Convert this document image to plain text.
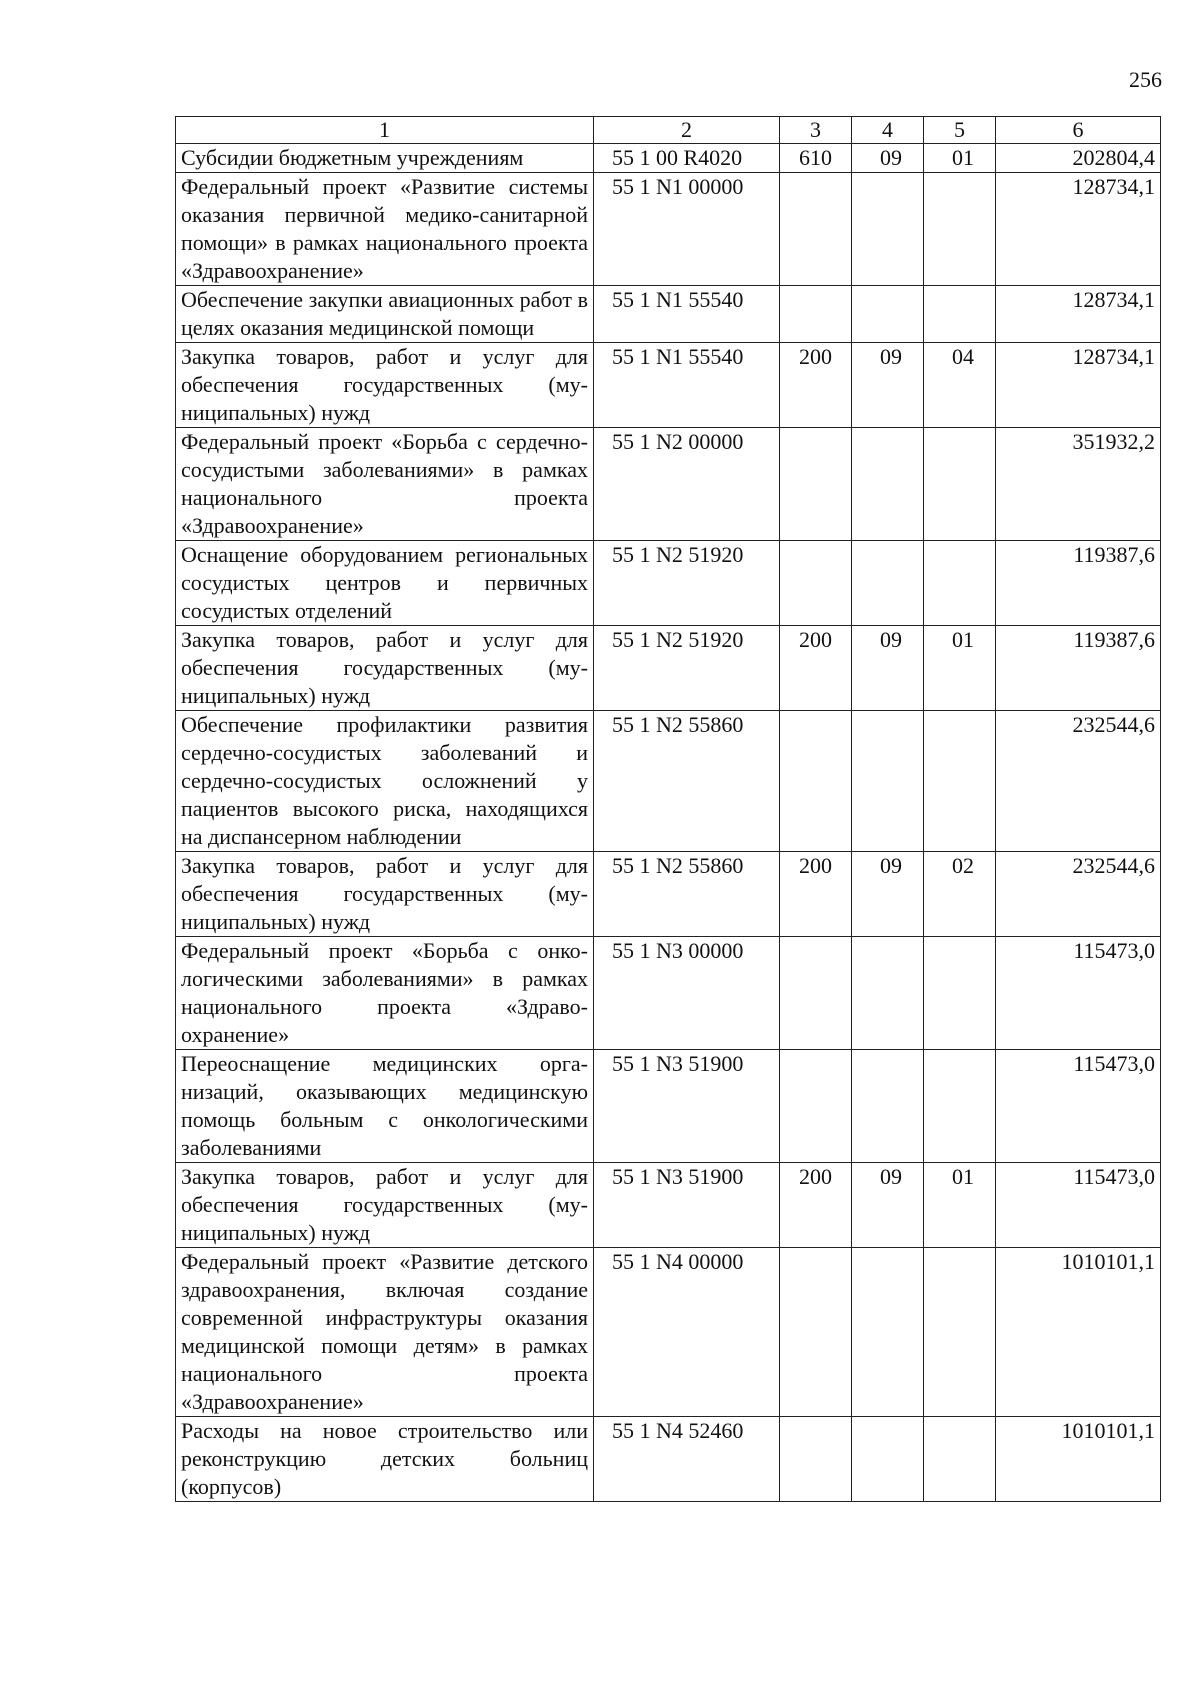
256
1	2	3	4	5	6
Субсидии бюджетным учреждениям	55 1 00 R4020	610	09	01	202804,4
Федеральный проект «Развитие системы оказания первичной медико-санитарной помощи» в рамках национального проекта «Здравоохранение»	55 1 N1 00000				128734,1
Обеспечение закупки авиационных работ в целях оказания медицинской помощи	55 1 N1 55540				128734,1
Закупка товаров, работ и услуг для обеспечения государственных (муниципальных) нужд	55 1 N1 55540	200	09	04	128734,1
Федеральный проект «Борьба с сердечно-сосудистыми заболеваниями» в рамках национального проекта «Здравоохранение»	55 1 N2 00000				351932,2
Оснащение оборудованием региональных сосудистых центров и первичных сосудистых отделений	55 1 N2 51920				119387,6
Закупка товаров, работ и услуг для обеспечения государственных (муниципальных) нужд	55 1 N2 51920	200	09	01	119387,6
Обеспечение профилактики развития сердечно-сосудистых заболеваний и сердечно-сосудистых осложнений у пациентов высокого риска, находящихся на диспансерном наблюдении	55 1 N2 55860				232544,6
Закупка товаров, работ и услуг для обеспечения государственных (муниципальных) нужд	55 1 N2 55860	200	09	02	232544,6
Федеральный проект «Борьба с онкологическими заболеваниями» в рамках национального проекта «Здравоохранение»	55 1 N3 00000				115473,0
Переоснащение медицинских организаций, оказывающих медицинскую помощь больным с онкологическими заболеваниями	55 1 N3 51900				115473,0
Закупка товаров, работ и услуг для обеспечения государственных (муниципальных) нужд	55 1 N3 51900	200	09	01	115473,0
Федеральный проект «Развитие детского здравоохранения, включая создание современной инфраструктуры оказания медицинской помощи детям» в рамках национального проекта «Здравоохранение»	55 1 N4 00000				1010101,1
Расходы на новое строительство или реконструкцию детских больниц (корпусов)	55 1 N4 52460				1010101,1
